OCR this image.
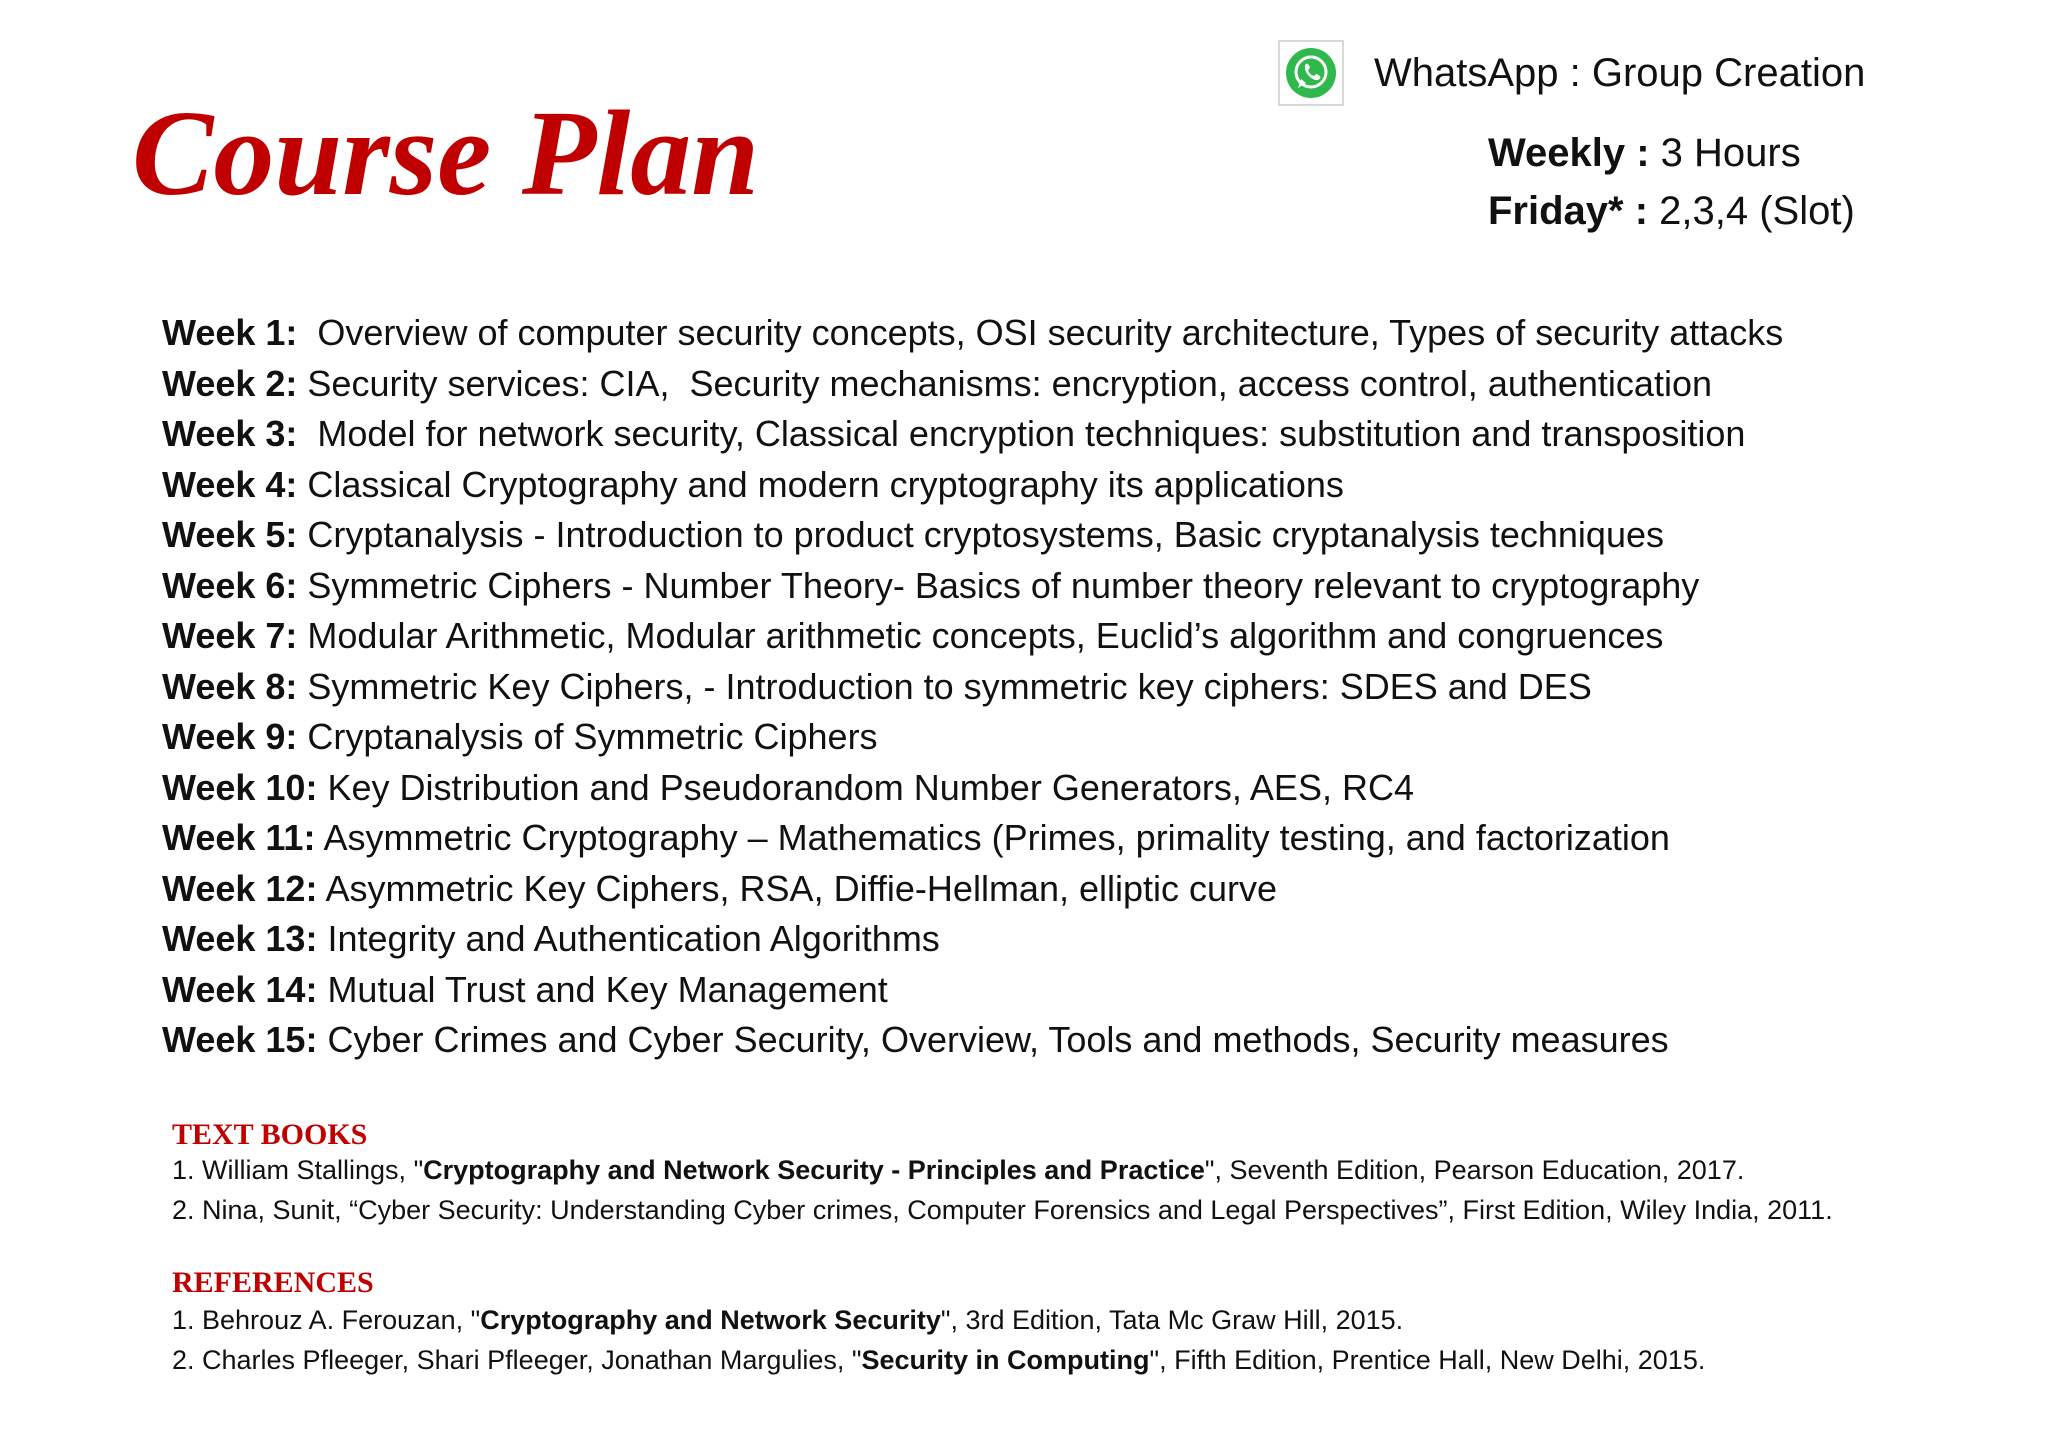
Course Plan
WhatsApp : Group Creation
Weekly : 3 Hours
Friday* : 2,3,4 (Slot)
Week 1:  Overview of computer security concepts, OSI security architecture, Types of security attacks
Week 2: Security services: CIA,  Security mechanisms: encryption, access control, authentication
Week 3:  Model for network security, Classical encryption techniques: substitution and transposition
Week 4: Classical Cryptography and modern cryptography its applications
Week 5: Cryptanalysis - Introduction to product cryptosystems, Basic cryptanalysis techniques
Week 6: Symmetric Ciphers - Number Theory- Basics of number theory relevant to cryptography
Week 7: Modular Arithmetic, Modular arithmetic concepts, Euclid’s algorithm and congruences
Week 8: Symmetric Key Ciphers, - Introduction to symmetric key ciphers: SDES and DES
Week 9: Cryptanalysis of Symmetric Ciphers
Week 10: Key Distribution and Pseudorandom Number Generators, AES, RC4
Week 11: Asymmetric Cryptography – Mathematics (Primes, primality testing, and factorization
Week 12: Asymmetric Key Ciphers, RSA, Diffie-Hellman, elliptic curve
Week 13: Integrity and Authentication Algorithms
Week 14: Mutual Trust and Key Management
Week 15: Cyber Crimes and Cyber Security, Overview, Tools and methods, Security measures
TEXT BOOKS
1. William Stallings, "Cryptography and Network Security - Principles and Practice", Seventh Edition, Pearson Education, 2017.
2. Nina, Sunit, “Cyber Security: Understanding Cyber crimes, Computer Forensics and Legal Perspectives”, First Edition, Wiley India, 2011.
REFERENCES
1. Behrouz A. Ferouzan, "Cryptography and Network Security", 3rd Edition, Tata Mc Graw Hill, 2015.
2. Charles Pfleeger, Shari Pfleeger, Jonathan Margulies, "Security in Computing", Fifth Edition, Prentice Hall, New Delhi, 2015.
